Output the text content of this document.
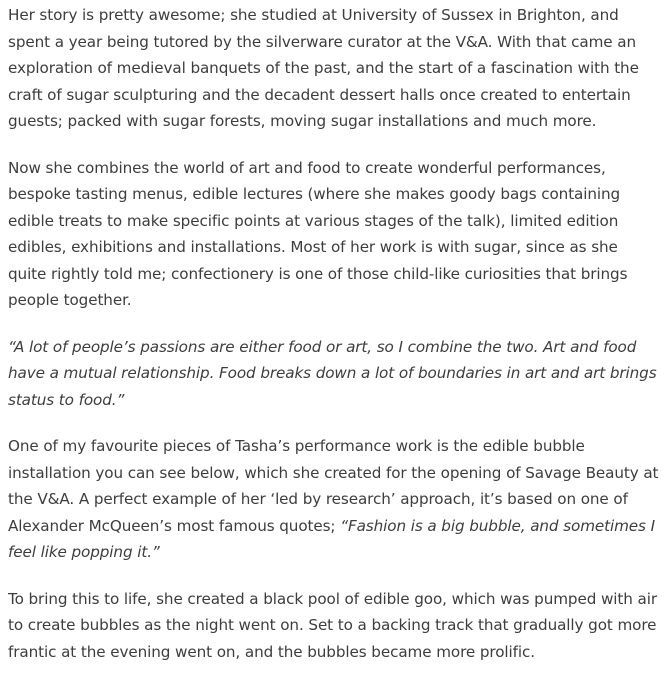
Her story is pretty awesome; she studied at University of Sussex in Brighton, and spent a year being tutored by the silverware curator at the V&A. With that came an exploration of medieval banquets of the past, and the start of a fascination with the craft of sugar sculpturing and the decadent dessert halls once created to entertain guests; packed with sugar forests, moving sugar installations and much more.

Now she combines the world of art and food to create wonderful performances, bespoke tasting menus, edible lectures (where she makes goody bags containing edible treats to make specific points at various stages of the talk), limited edition edibles, exhibitions and installations. Most of her work is with sugar, since as she quite rightly told me; confectionery is one of those child-like curiosities that brings people together.

“A lot of people’s passions are either food or art, so I combine the two. Art and food have a mutual relationship. Food breaks down a lot of boundaries in art and art brings status to food.”

One of my favourite pieces of Tasha’s performance work is the edible bubble installation you can see below, which she created for the opening of Savage Beauty at the V&A. A perfect example of her ‘led by research’ approach, it’s based on one of Alexander McQueen’s most famous quotes; “Fashion is a big bubble, and sometimes I feel like popping it.”

To bring this to life, she created a black pool of edible goo, which was pumped with air to create bubbles as the night went on. Set to a backing track that gradually got more frantic at the evening went on, and the bubbles became more prolific.
